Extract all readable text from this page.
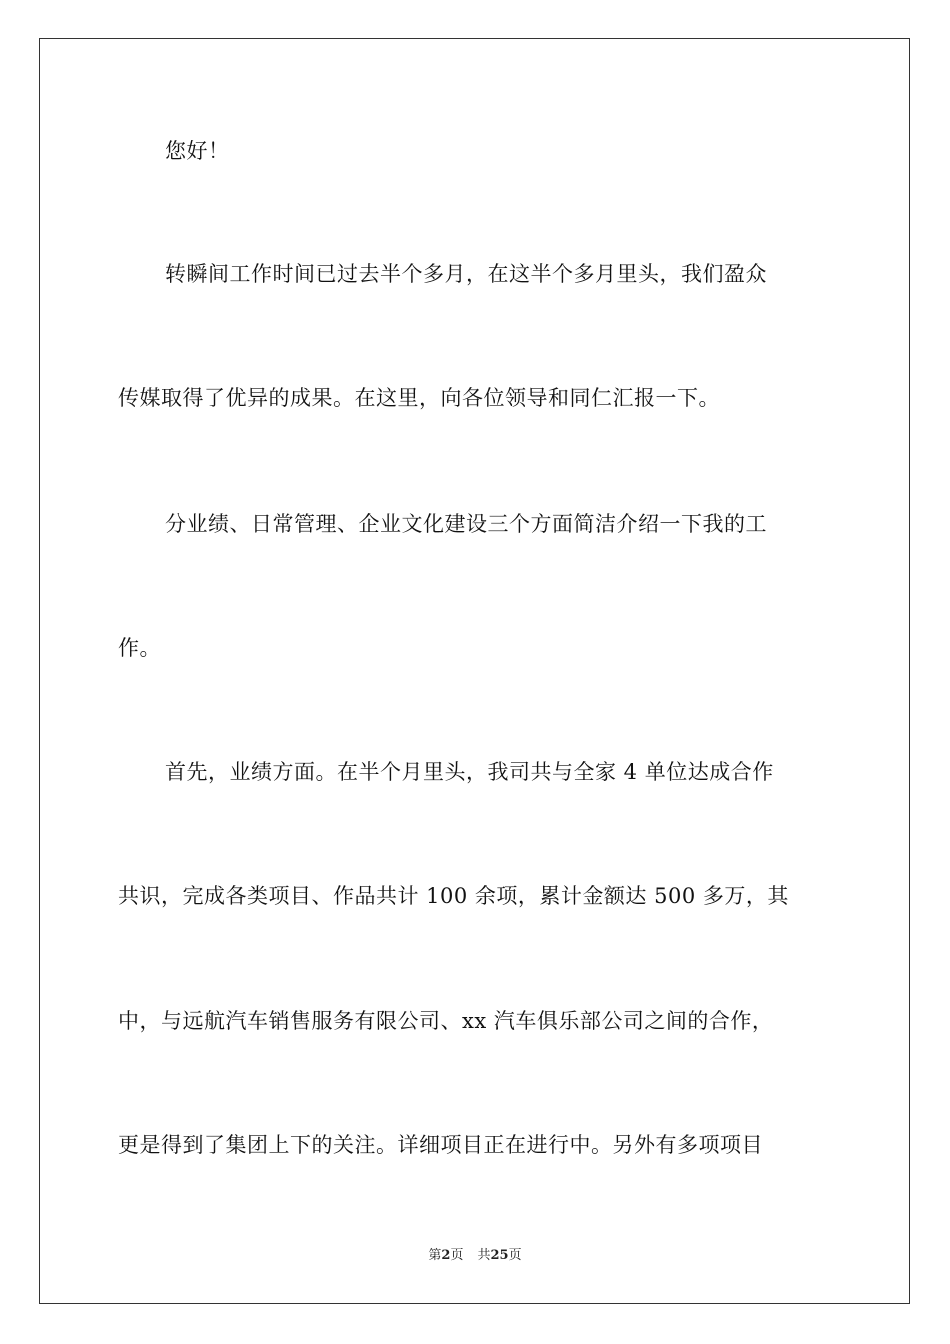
您好！
转瞬间工作时间已过去半个多月，在这半个多月里头，我们盈众
传媒取得了优异的成果。在这里，向各位领导和同仁汇报一下。
分业绩、日常管理、企业文化建设三个方面简洁介绍一下我的工
作。
首先，业绩方面。在半个月里头，我司共与全家 4 单位达成合作
共识，完成各类项目、作品共计 100 余项，累计金额达 500 多万，其
中，与远航汽车销售服务有限公司、xx 汽车俱乐部公司之间的合作，
更是得到了集团上下的关注。详细项目正在进行中。另外有多项项目
第2页 共25页
